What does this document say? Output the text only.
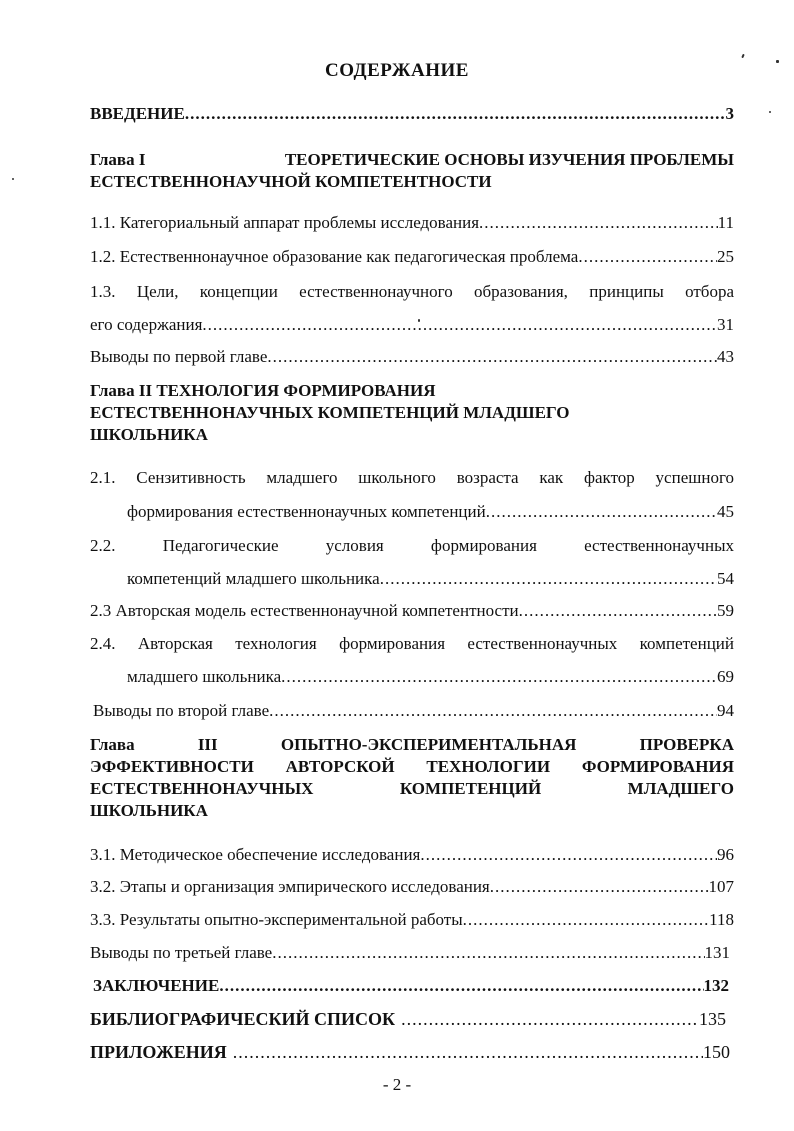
СОДЕРЖАНИЕ
ВВЕДЕНИЕ .....	3
Глава I	ТЕОРЕТИЧЕСКИЕ ОСНОВЫ ИЗУЧЕНИЯ ПРОБЛЕМЫ
ЕСТЕСТВЕННОНАУЧНОЙ КОМПЕТЕНТНОСТИ
1.1. Категориальный аппарат проблемы исследования .....	11
1.2. Естественнонаучное образование как педагогическая проблема .....	25
1.3. Цели, концепции естественнонаучного образования, принципы отбора
его содержания .....	31
Выводы по первой главе .....	43
Глава II ТЕХНОЛОГИЯ ФОРМИРОВАНИЯ
ЕСТЕСТВЕННОНАУЧНЫХ КОМПЕТЕНЦИЙ МЛАДШЕГО
ШКОЛЬНИКА
2.1. Сензитивность младшего школьного возраста как фактор успешного
формирования естественнонаучных компетенций .....	45
2.2. Педагогические условия формирования естественнонаучных
компетенций младшего школьника .....	54
2.3 Авторская модель естественнонаучной компетентности .....	59
2.4. Авторская технология формирования естественнонаучных компетенций
младшего школьника .....	69
Выводы по второй главе .....	94
Глава III ОПЫТНО-ЭКСПЕРИМЕНТАЛЬНАЯ ПРОВЕРКА
ЭФФЕКТИВНОСТИ АВТОРСКОЙ ТЕХНОЛОГИИ ФОРМИРОВАНИЯ
ЕСТЕСТВЕННОНАУЧНЫХ КОМПЕТЕНЦИЙ МЛАДШЕГО
ШКОЛЬНИКА
3.1. Методическое обеспечение исследования .....	96
3.2. Этапы и организация эмпирического исследования .....	107
3.3. Результаты опытно-экспериментальной работы .....	118
Выводы по третьей главе .....	131
ЗАКЛЮЧЕНИЕ .....	132
БИБЛИОГРАФИЧЕСКИЙ СПИСОК .....	135
ПРИЛОЖЕНИЯ .....	150
- 2 -
